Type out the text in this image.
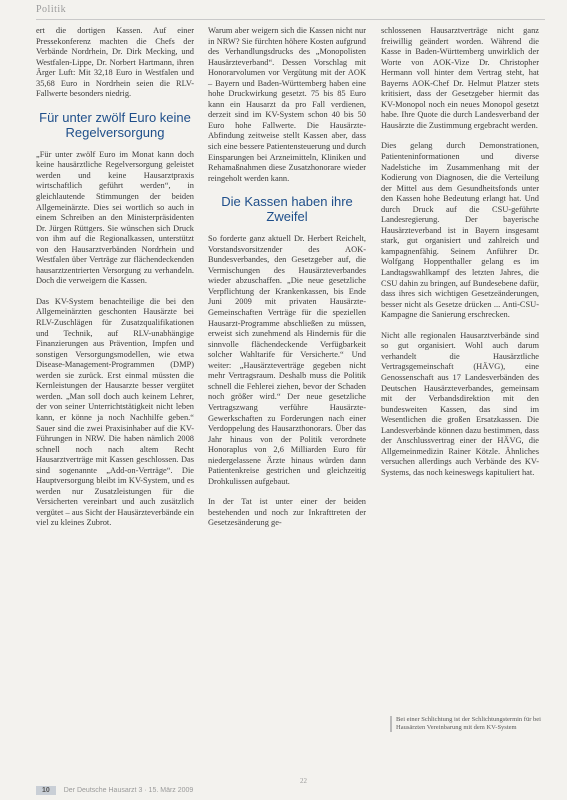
Politik

ert die dortigen Kassen. Auf einer Pressekonferenz machten die Chefs der Verbände Nordrhein, Dr. Dirk Mecking, und Westfalen-Lippe, Dr. Norbert Hartmann, ihren Ärger Luft: Mit 32,18 Euro in Westfalen und 35,68 Euro in Nordrhein seien die RLV-Fallwerte besonders niedrig.

Für unter zwölf Euro keine Regelversorgung

„Für unter zwölf Euro im Monat kann doch keine hausärztliche Regelversorgung geleistet werden und keine Hausarztpraxis wirtschaftlich geführt werden“, in gleichlautende Stimmungen der beiden Allgemeinärzte. Dies sei wortlich so auch in einem Schreiben an den Ministerpräsidenten Dr. Jürgen Rüttgers. Sie wünschen sich Druck von ihm auf die Regionalkassen, unterstützt von den Hausarztverbänden Nordrhein und Westfalen über Verträge zur flächendeckenden hausarztzentrierten Versorgung zu verhandeln. Doch die verweigern die Kassen.

Das KV-System benachteilige die bei den Allgemeinärzten geschonten Hausärzte bei RLV-Zuschlägen für Zusatzqualifikationen und Technik, auf RLV-unabhängige Finanzierungen aus Prävention, Impfen und sonstigen Versorgungsmodellen, wie etwa Disease-Management-Programmen (DMP) werden sie zurück. Erst einmal müssten die Kernleistungen der Hausarzte besser vergütet werden. „Man soll doch auch keinem Lehrer, der von seiner Unterrichtstätigkeit nicht leben kann, er könne ja noch Nachhilfe geben.“ Sauer sind die zwei Praxisinhaber auf die KV-Führungen in NRW. Die haben nämlich 2008 schnell noch nach altem Recht Hausarztverträge mit Kassen geschlossen. Das sind sogenannte „Add-on-Verträge“. Die Hauptversorgung bleibt im KV-System, und es werden nur Zusatzleistungen für die Versicherten vereinbart und auch zusätzlich vergütet – aus Sicht der Hausärzteverbände ein viel zu kleines Zubrot.

Warum aber weigern sich die Kassen nicht nur in NRW? Sie fürchten höhere Kosten aufgrund des Verhandlungsdrucks des „Monopolisten Hausärzteverband“. Dessen Vorschlag mit Honorarvolumen vor Vergütung mit der AOK – Bayern und Baden-Württemberg haben eine hohe Druckwirkung gesetzt. 75 bis 85 Euro kann ein Hausarzt da pro Fall verdienen, derzeit sind im KV-System schon 40 bis 50 Euro hohe Fallwerte. Die Hausärzte-Abfindung zeitweise stellt Kassen aber, dass sich eine bessere Patientensteuerung und durch Einsparungen bei Arzneimitteln, Kliniken und Rehamaßnahmen diese Zusatzhonorare wieder reingeholt werden kann.

Die Kassen haben ihre Zweifel

So forderte ganz aktuell Dr. Herbert Reichelt, Vorstandsvorsitzender des AOK-Bundesverbandes, den Gesetzgeber auf, die Vermischungen des Hausärzteverbandes wieder abzuschaffen. „Die neue gesetzliche Verpflichtung der Krankenkassen, bis Ende Juni 2009 mit privaten Hausärzte-Gemeinschaften Verträge für die speziellen Hausarzt-Programme abschließen zu müssen, erweist sich zunehmend als Hindernis für die sinnvolle flächendeckende Verfügbarkeit solcher Wahltarife für Versicherte.“ Und weiter: „Hausärzteverträge gegeben nicht mehr Vertragsraum. Deshalb muss die Politik schnell die Fehlerei ziehen, bevor der Schaden noch größer wird.“ Der neue gesetzliche Vertragszwang verführe Hausärzte-Gewerkschaften zu Forderungen nach einer Verdoppelung des Hausarzthonorars. Über das Jahr hinaus von der Politik verordnete Honoraplus von 2,6 Milliarden Euro für niedergelassene Ärzte hinaus würden dann Patientenkreise gestrichen und gleichzeitig Drohkulissen aufgebaut.

In der Tat ist unter einer der beiden bestehenden und noch zur Inkrafttreten der Gesetzesänderung ge-

schlossenen Hausarztverträge nicht ganz freiwillig geändert worden. Während die Kasse in Baden-Württemberg unwirklich der Worte von AOK-Vize Dr. Christopher Hermann voll hinter dem Vertrag steht, hat Bayerns AOK-Chef Dr. Helmut Platzer stets kritisiert, dass der Gesetzgeber hiermit das KV-Monopol noch ein neues Monopol gesetzt habe. Ihre Quote die durch Landesverband der Hausärzte die Zustimmung ergebracht werden.

Dies gelang durch Demonstrationen, Patienteninformationen und diverse Nadelstiche im Zusammenhang mit der Kodierung von Diagnosen, die die Verteilung der Mittel aus dem Gesundheitsfonds unter den Kassen hohe Bedeutung erlangt hat. Und durch Druck auf die CSU-geführte Landesregierung. Der bayerische Hausärzteverband ist in Bayern insgesamt stark, gut organisiert und zahlreich und kampagnenfähig. Seinem Anführer Dr. Wolfgang Hoppenthaller gelang es im Landtagswahlkampf des letzten Jahres, die CSU dahin zu bringen, auf Bundesebene dafür, dass ihres sich wichtigen Gesetzeänderungen, besser nicht als Gesetze drücken ... Anti-CSU-Kampagne die Sanierung erschrecken.

Nicht alle regionalen Hausarztverbände sind so gut organisiert. Wohl auch darum verhandelt die Hausärztliche Vertragsgemeinschaft (HÄVG), eine Genossenschaft aus 17 Landesverbänden des Deutschen Hausärzteverbandes, gemeinsam mit der Verbandsdirektion mit den bundesweiten Kassen, das sind im Wesentlichen die großen Ersatzkassen. Die Landesverbände können dazu bestimmen, dass der Anschlussvertrag einer der HÄVG, die Allgemeinmedizin Rainer Kötzle. Ähnliches versuchen allerdings auch Verbände des KV-Systems, das noch keineswegs kapituliert hat.

Bei einer Schlichtung ist der Schlichtungstermin für bei Hausärzten Vereinbarung mit dem KV-System
22
10 Der Deutsche Hausarzt 3 · 15. März 2009
